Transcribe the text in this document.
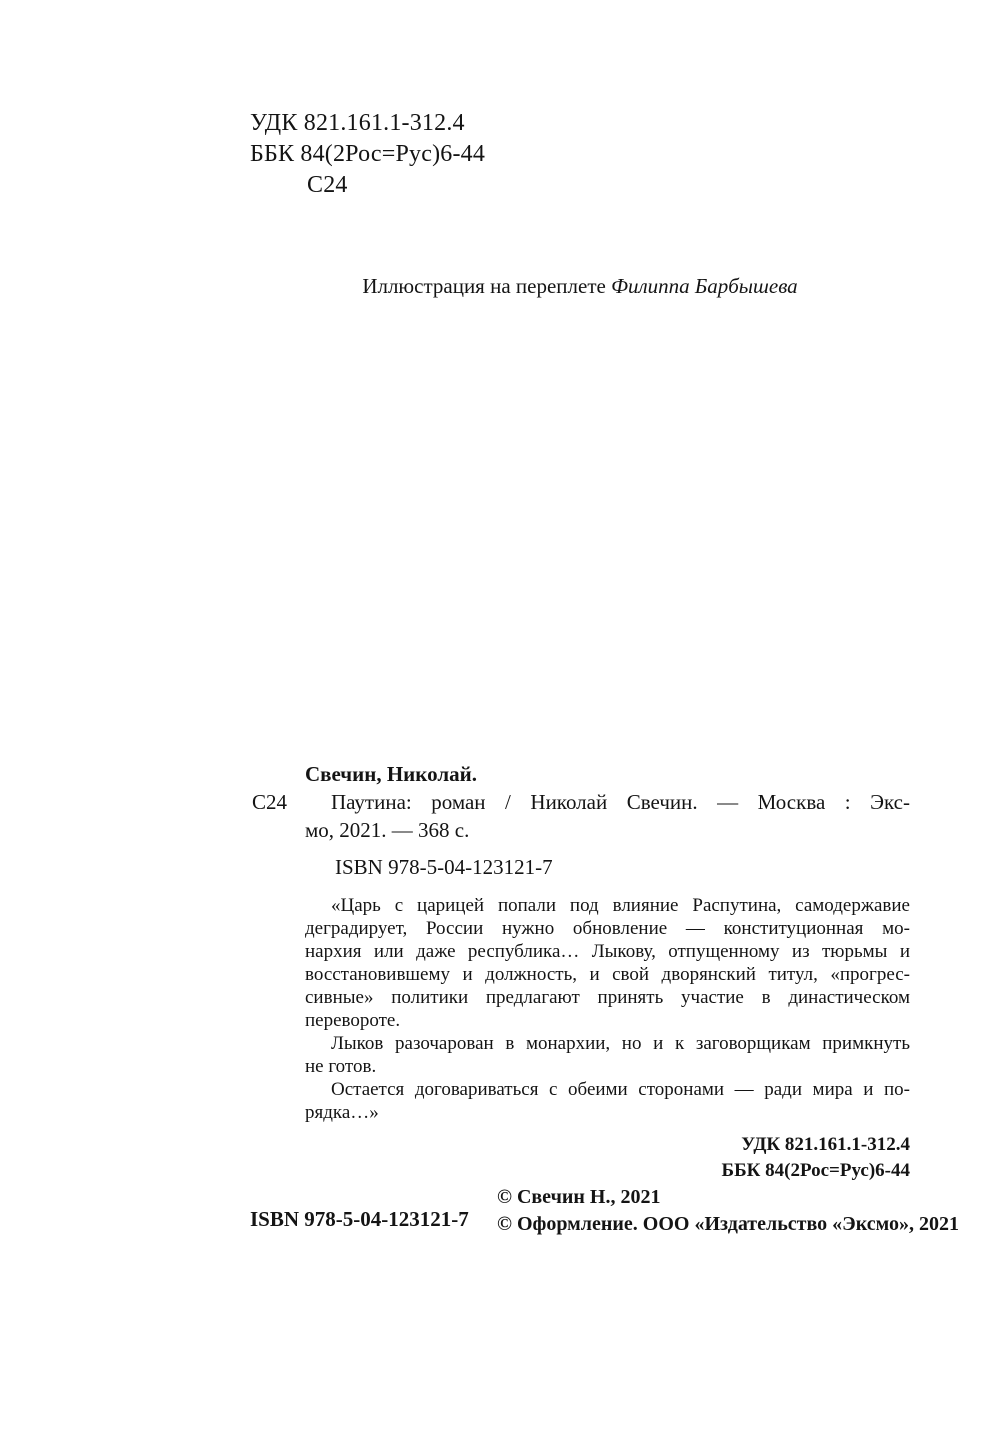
УДК 821.161.1-312.4
ББК 84(2Рос=Рус)6-44
С24
Иллюстрация на переплете Филиппа Барбышева
С24
Свечин, Николай.
Паутина: роман / Николай Свечин. — Москва : Экс-
мо, 2021. — 368 с.
ISBN 978-5-04-123121-7
«Царь с царицей попали под влияние Распутина, самодержавие
деградирует, России нужно обновление — конституционная мо-
нархия или даже республика… Лыкову, отпущенному из тюрьмы и
восстановившему и должность, и свой дворянский титул, «прогрес-
сивные» политики предлагают принять участие в династическом
перевороте.
Лыков разочарован в монархии, но и к заговорщикам примкнуть
не готов.
Остается договариваться с обеими сторонами — ради мира и по-
рядка…»
УДК 821.161.1-312.4
ББК 84(2Рос=Рус)6-44
ISBN 978-5-04-123121-7
© Свечин Н., 2021
© Оформление. ООО «Издательство «Эксмо», 2021
